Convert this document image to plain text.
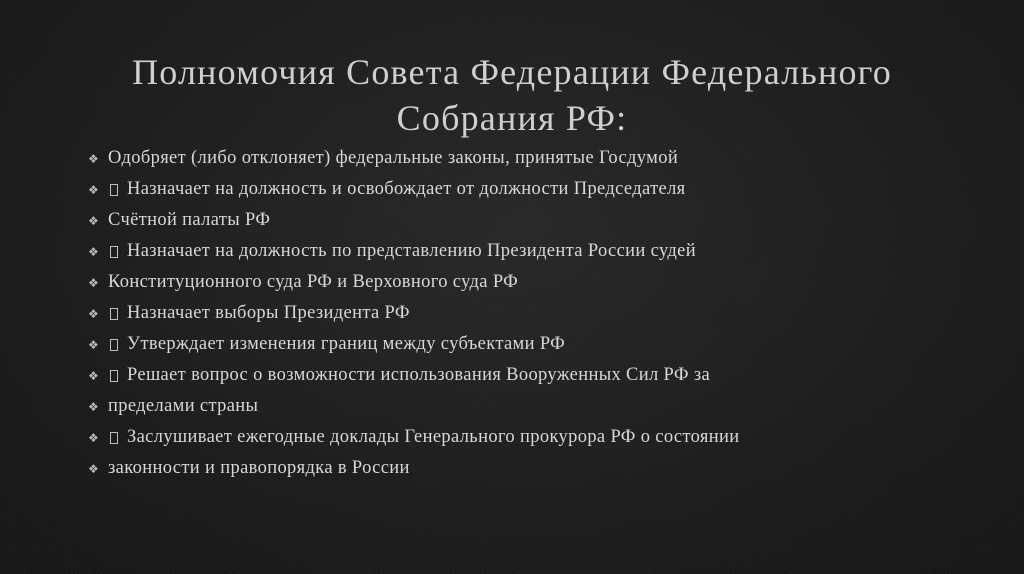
Полномочия Совета Федерации Федерального
Собрания РФ:
❖ Одобряет (либо отклоняет) федеральные законы, принятые Госдумой
❖	Назначает на должность и освобождает от должности Председателя
❖ Счётной палаты РФ
❖	Назначает на должность по представлению Президента России судей
❖ Конституционного суда РФ и Верховного суда РФ
❖	Назначает выборы Президента РФ
❖	Утверждает изменения границ между субъектами РФ
❖	Решает вопрос о возможности использования Вооруженных Сил РФ за
❖ пределами страны
❖	Заслушивает ежегодные доклады Генерального прокурора РФ о состоянии
❖ законности и правопорядка в России
